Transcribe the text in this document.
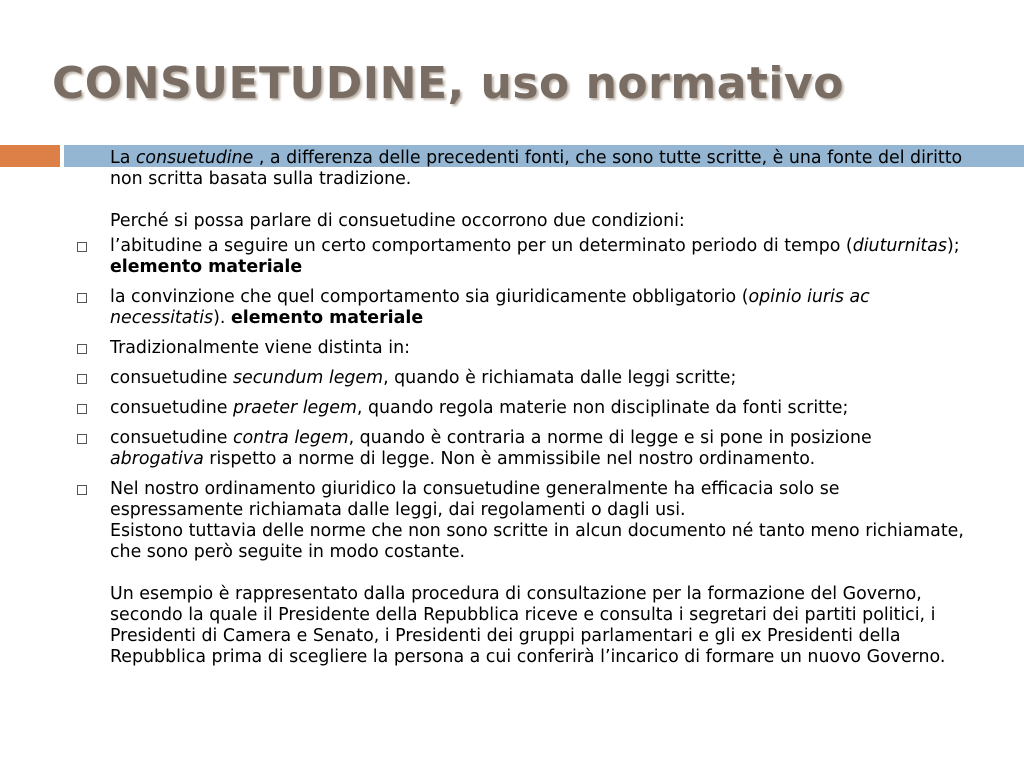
CONSUETUDINE, uso normativo

La consuetudine , a differenza delle precedenti fonti, che sono tutte scritte, è una fonte del diritto non scritta basata sulla tradizione.

Perché si possa parlare di consuetudine occorrono due condizioni:

l’abitudine a seguire un certo comportamento per un determinato periodo di tempo (diuturnitas); elemento materiale
la convinzione che quel comportamento sia giuridicamente obbligatorio (opinio iuris ac necessitatis). elemento materiale
Tradizionalmente viene distinta in:
consuetudine secundum legem, quando è richiamata dalle leggi scritte;
consuetudine praeter legem, quando regola materie non disciplinate da fonti scritte;
consuetudine contra legem, quando è contraria a norme di legge e si pone in posizione abrogativa rispetto a norme di legge. Non è ammissibile nel nostro ordinamento.
Nel nostro ordinamento giuridico la consuetudine generalmente ha efficacia solo se espressamente richiamata dalle leggi, dai regolamenti o dagli usi.
Esistono tuttavia delle norme che non sono scritte in alcun documento né tanto meno richiamate, che sono però seguite in modo costante.
Un esempio è rappresentato dalla procedura di consultazione per la formazione del Governo, secondo la quale il Presidente della Repubblica riceve e consulta i segretari dei partiti politici, i Presidenti di Camera e Senato, i Presidenti dei gruppi parlamentari e gli ex Presidenti della Repubblica prima di scegliere la persona a cui conferirà l’incarico di formare un nuovo Governo.
